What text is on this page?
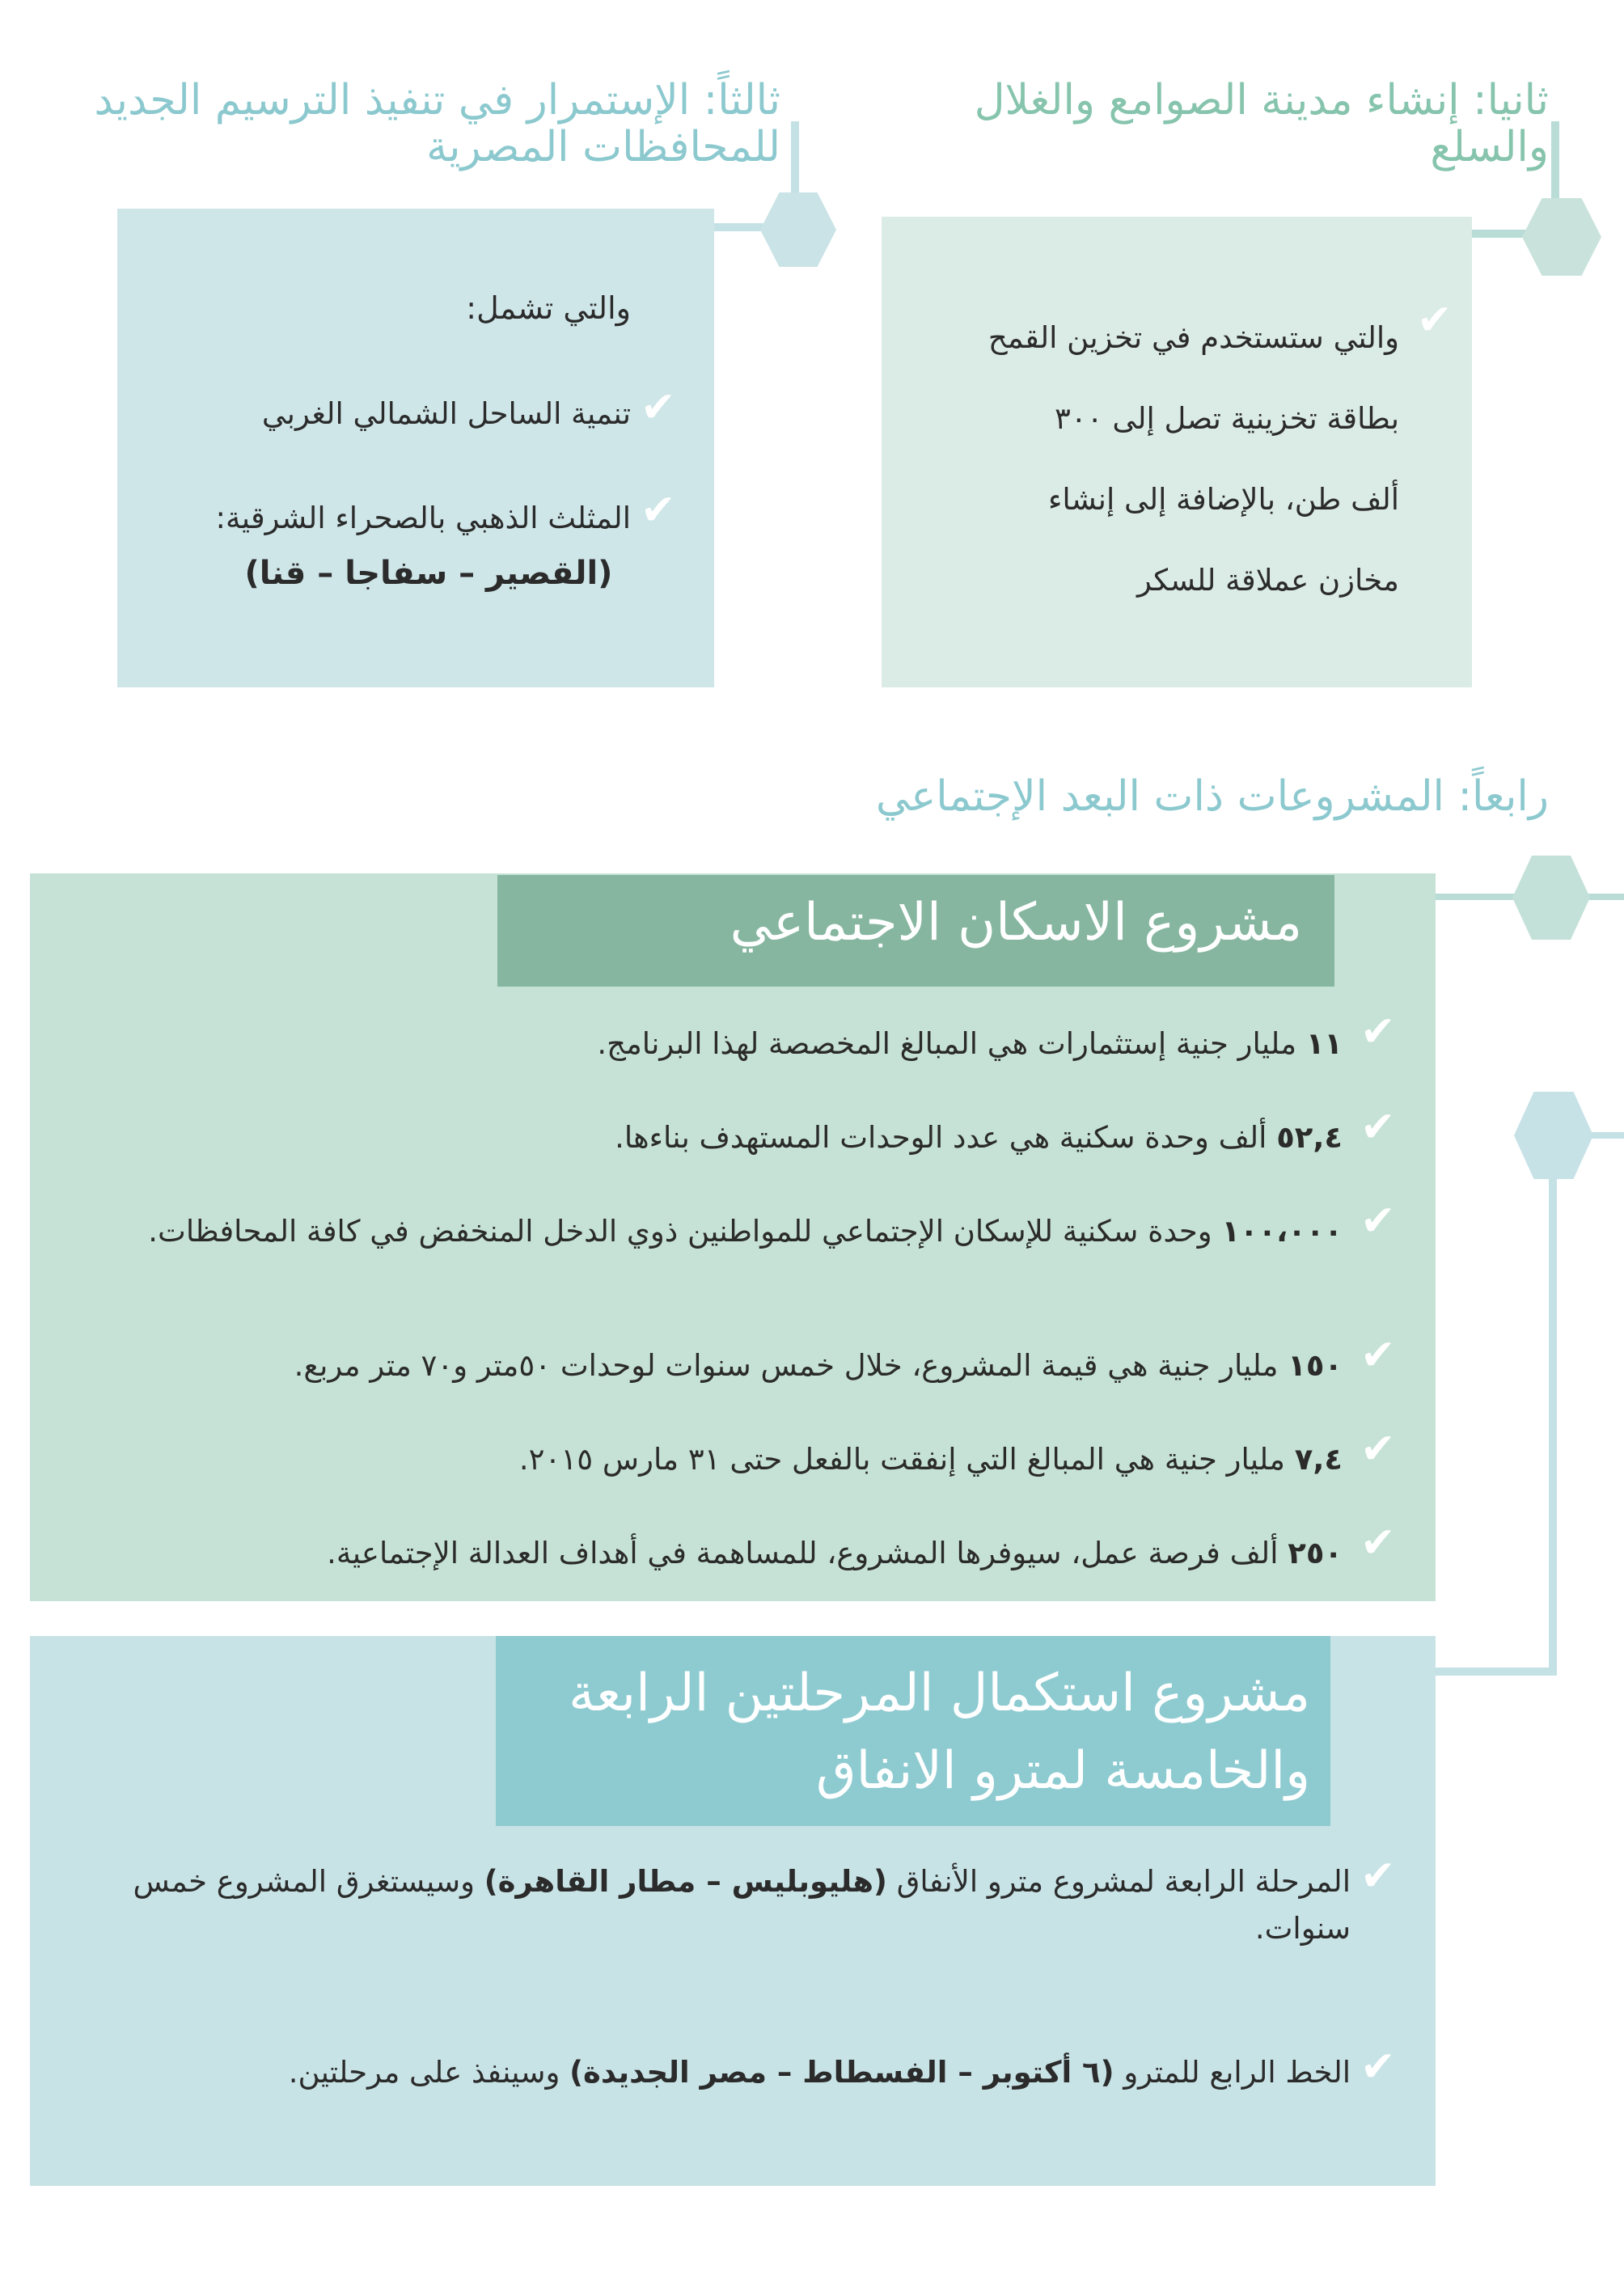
ثانيا: إنشاء مدينة الصوامع والغلال والسلع
✔
والتي ستستخدم في تخزين القمح
بطاقة تخزينية تصل إلى ٣٠٠
ألف طن، بالإضافة إلى إنشاء
مخازن عملاقة للسكر
ثالثاً: الإستمرار في تنفيذ الترسيم الجديد للمحافظات المصرية
والتي تشمل:
✔
تنمية الساحل الشمالي الغربي
✔
المثلث الذهبي بالصحراء الشرقية:
(القصير – سفاجا – قنا)
رابعاً: المشروعات ذات البعد الإجتماعي
مشروع الاسكان الاجتماعي
✔
١١ مليار جنية إستثمارات هي المبالغ المخصصة لهذا البرنامج.
✔
٥٢,٤ ألف وحدة سكنية هي عدد الوحدات المستهدف بناءها.
✔
١٠٠،٠٠٠ وحدة سكنية للإسكان الإجتماعي للمواطنين ذوي الدخل المنخفض في كافة المحافظات.
✔
١٥٠ مليار جنية هي قيمة المشروع، خلال خمس سنوات لوحدات ٥٠متر و٧٠ متر مربع.
✔
٧,٤ مليار جنية هي المبالغ التي إنفقت بالفعل حتى ٣١ مارس ٢٠١٥.
✔
٢٥٠ ألف فرصة عمل، سيوفرها المشروع، للمساهمة في أهداف العدالة الإجتماعية.
مشروع استكمال المرحلتين الرابعة
والخامسة لمترو الانفاق
✔
المرحلة الرابعة لمشروع مترو الأنفاق (هليوبليس – مطار القاهرة) وسيستغرق المشروع خمس سنوات.
✔
الخط الرابع للمترو (٦ أكتوبر – الفسطاط – مصر الجديدة) وسينفذ على مرحلتين.
